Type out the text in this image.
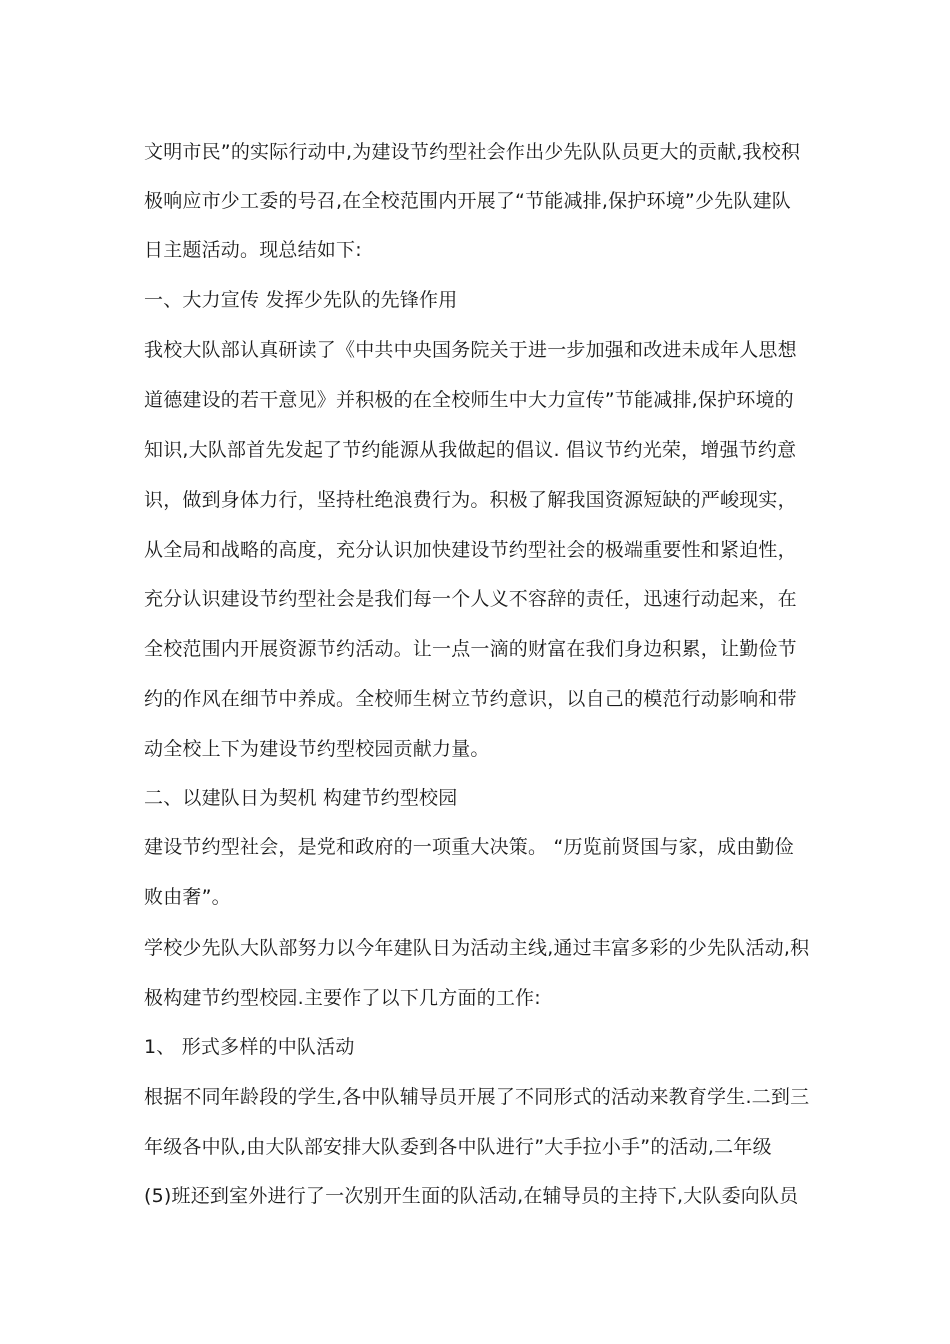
文明市民”的实际行动中,为建设节约型社会作出少先队队员更大的贡献,我校积
极响应市少工委的号召,在全校范围内开展了“节能减排,保护环境”少先队建队
日主题活动。现总结如下:
一、大力宣传 发挥少先队的先锋作用
我校大队部认真研读了《中共中央国务院关于进一步加强和改进未成年人思想
道德建设的若干意见》并积极的在全校师生中大力宣传”节能减排,保护环境的
知识,大队部首先发起了节约能源从我做起的倡议. 倡议节约光荣，增强节约意
识，做到身体力行，坚持杜绝浪费行为。积极了解我国资源短缺的严峻现实，
从全局和战略的高度，充分认识加快建设节约型社会的极端重要性和紧迫性，
充分认识建设节约型社会是我们每一个人义不容辞的责任，迅速行动起来，在
全校范围内开展资源节约活动。让一点一滴的财富在我们身边积累，让勤俭节
约的作风在细节中养成。全校师生树立节约意识，以自己的模范行动影响和带
动全校上下为建设节约型校园贡献力量。
二、以建队日为契机 构建节约型校园
建设节约型社会，是党和政府的一项重大决策。 “历览前贤国与家，成由勤俭
败由奢”。
学校少先队大队部努力以今年建队日为活动主线,通过丰富多彩的少先队活动,积
极构建节约型校园.主要作了以下几方面的工作:
1、 形式多样的中队活动
根据不同年龄段的学生,各中队辅导员开展了不同形式的活动来教育学生.二到三
年级各中队,由大队部安排大队委到各中队进行”大手拉小手”的活动,二年级
(5)班还到室外进行了一次别开生面的队活动,在辅导员的主持下,大队委向队员
